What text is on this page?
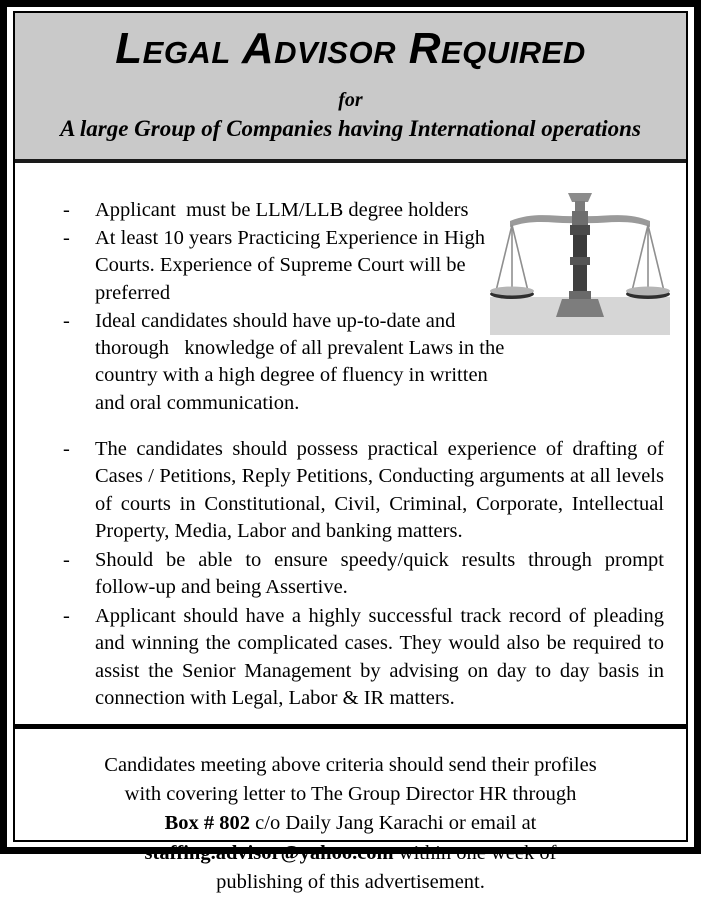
Legal Advisor Required
for
A large Group of Companies having International operations
- Applicant  must be LLM/LLB degree holders
- At least 10 years Practicing Experience in High Courts. Experience of Supreme Court will be preferred
- Ideal candidates should have up-to-date and thorough   knowledge of all prevalent Laws in the country with a high degree of fluency in written and oral communication.
- The candidates should possess practical experience of drafting of Cases / Petitions, Reply Petitions, Conducting arguments at all levels of courts in Constitutional, Civil, Criminal, Corporate, Intellectual Property, Media, Labor and banking matters.
- Should be able to ensure speedy/quick results through prompt follow-up and being Assertive.
- Applicant should have a highly successful track record of pleading and winning the complicated cases. They would also be required to assist the Senior Management by advising on day to day basis in connection with Legal, Labor & IR matters.

Candidates meeting above criteria should send their profiles

with covering letter to The Group Director HR through

Box # 802 c/o Daily Jang Karachi or email at

staffing.advisor@yahoo.com within one week of

publishing of this advertisement.
